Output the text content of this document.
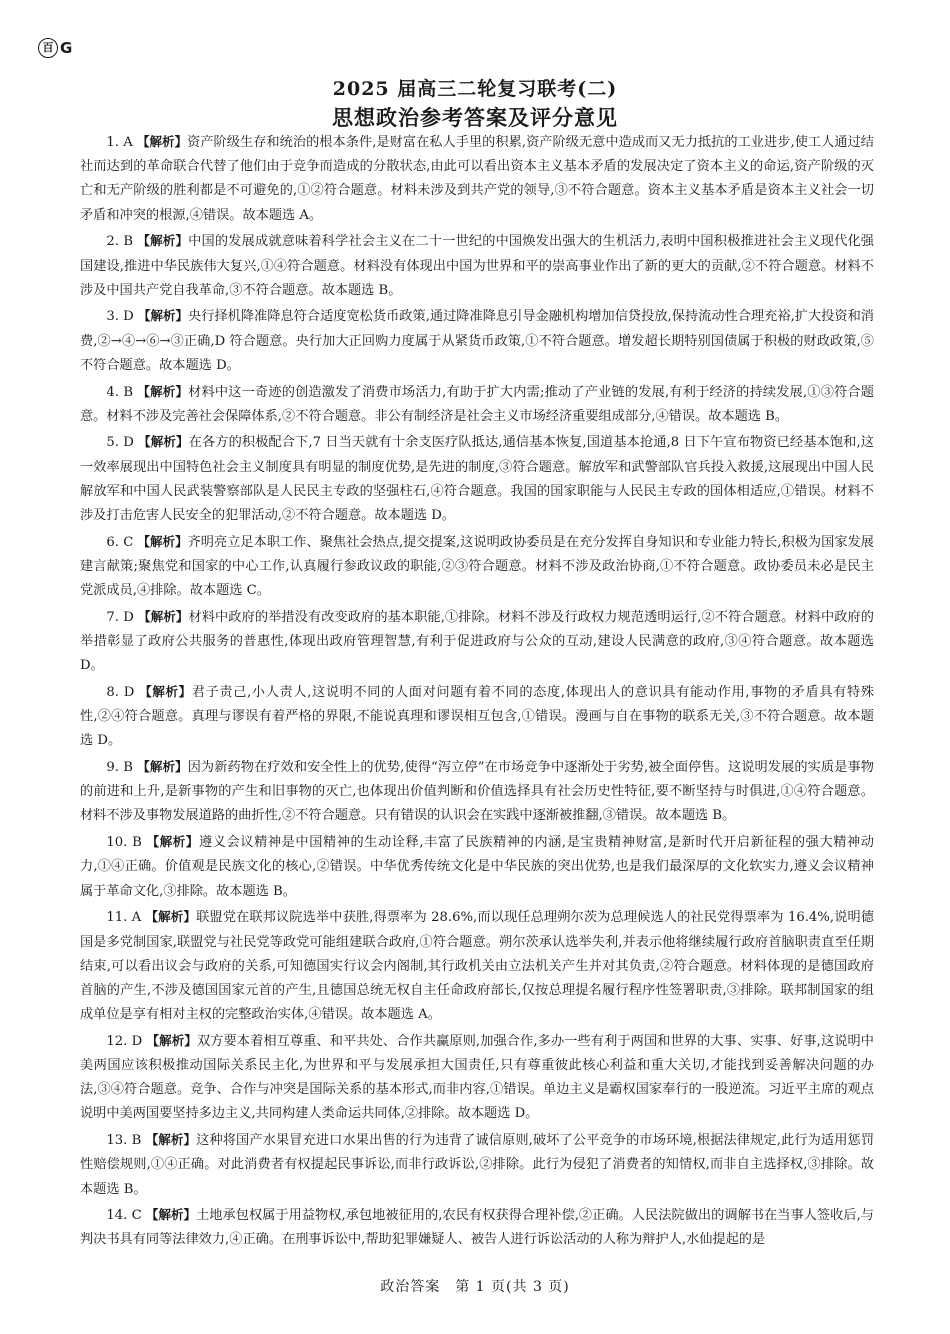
百 G
2025 届高三二轮复习联考(二)
思想政治参考答案及评分意见

1. A 【解析】资产阶级生存和统治的根本条件,是财富在私人手里的积累,资产阶级无意中造成而又无力抵抗的工业进步,使工人通过结社而达到的革命联合代替了他们由于竞争而造成的分散状态,由此可以看出资本主义基本矛盾的发展决定了资本主义的命运,资产阶级的灭亡和无产阶级的胜利都是不可避免的,①②符合题意。材料未涉及到共产党的领导,③不符合题意。资本主义基本矛盾是资本主义社会一切矛盾和冲突的根源,④错误。故本题选 A。

2. B 【解析】中国的发展成就意味着科学社会主义在二十一世纪的中国焕发出强大的生机活力,表明中国积极推进社会主义现代化强国建设,推进中华民族伟大复兴,①④符合题意。材料没有体现出中国为世界和平的崇高事业作出了新的更大的贡献,②不符合题意。材料不涉及中国共产党自我革命,③不符合题意。故本题选 B。

3. D 【解析】央行择机降准降息符合适度宽松货币政策,通过降准降息引导金融机构增加信贷投放,保持流动性合理充裕,扩大投资和消费,②→④→⑥→③正确,D 符合题意。央行加大正回购力度属于从紧货币政策,①不符合题意。增发超长期特别国债属于积极的财政政策,⑤不符合题意。故本题选 D。

4. B 【解析】材料中这一奇迹的创造激发了消费市场活力,有助于扩大内需;推动了产业链的发展,有利于经济的持续发展,①③符合题意。材料不涉及完善社会保障体系,②不符合题意。非公有制经济是社会主义市场经济重要组成部分,④错误。故本题选 B。

5. D 【解析】在各方的积极配合下,7 日当天就有十余支医疗队抵达,通信基本恢复,国道基本抢通,8 日下午宣布物资已经基本饱和,这一效率展现出中国特色社会主义制度具有明显的制度优势,是先进的制度,③符合题意。解放军和武警部队官兵投入救援,这展现出中国人民解放军和中国人民武装警察部队是人民民主专政的坚强柱石,④符合题意。我国的国家职能与人民民主专政的国体相适应,①错误。材料不涉及打击危害人民安全的犯罪活动,②不符合题意。故本题选 D。

6. C 【解析】齐明亮立足本职工作、聚焦社会热点,提交提案,这说明政协委员是在充分发挥自身知识和专业能力特长,积极为国家发展建言献策;聚焦党和国家的中心工作,认真履行参政议政的职能,②③符合题意。材料不涉及政治协商,①不符合题意。政协委员未必是民主党派成员,④排除。故本题选 C。

7. D 【解析】材料中政府的举措没有改变政府的基本职能,①排除。材料不涉及行政权力规范透明运行,②不符合题意。材料中政府的举措彰显了政府公共服务的普惠性,体现出政府管理智慧,有利于促进政府与公众的互动,建设人民满意的政府,③④符合题意。故本题选 D。

8. D 【解析】君子责己,小人责人,这说明不同的人面对问题有着不同的态度,体现出人的意识具有能动作用,事物的矛盾具有特殊性,②④符合题意。真理与谬误有着严格的界限,不能说真理和谬误相互包含,①错误。漫画与自在事物的联系无关,③不符合题意。故本题选 D。

9. B 【解析】因为新药物在疗效和安全性上的优势,使得“泻立停”在市场竞争中逐渐处于劣势,被全面停售。这说明发展的实质是事物的前进和上升,是新事物的产生和旧事物的灭亡,也体现出价值判断和价值选择具有社会历史性特征,要不断坚持与时俱进,①④符合题意。材料不涉及事物发展道路的曲折性,②不符合题意。只有错误的认识会在实践中逐渐被推翻,③错误。故本题选 B。

10. B 【解析】遵义会议精神是中国精神的生动诠释,丰富了民族精神的内涵,是宝贵精神财富,是新时代开启新征程的强大精神动力,①④正确。价值观是民族文化的核心,②错误。中华优秀传统文化是中华民族的突出优势,也是我们最深厚的文化软实力,遵义会议精神属于革命文化,③排除。故本题选 B。

11. A 【解析】联盟党在联邦议院选举中获胜,得票率为 28.6%,而以现任总理朔尔茨为总理候选人的社民党得票率为 16.4%,说明德国是多党制国家,联盟党与社民党等政党可能组建联合政府,①符合题意。朔尔茨承认选举失利,并表示他将继续履行政府首脑职责直至任期结束,可以看出议会与政府的关系,可知德国实行议会内阁制,其行政机关由立法机关产生并对其负责,②符合题意。材料体现的是德国政府首脑的产生,不涉及德国国家元首的产生,且德国总统无权自主任命政府部长,仅按总理提名履行程序性签署职责,③排除。联邦制国家的组成单位是享有相对主权的完整政治实体,④错误。故本题选 A。

12. D 【解析】双方要本着相互尊重、和平共处、合作共赢原则,加强合作,多办一些有利于两国和世界的大事、实事、好事,这说明中美两国应该积极推动国际关系民主化,为世界和平与发展承担大国责任,只有尊重彼此核心利益和重大关切,才能找到妥善解决问题的办法,③④符合题意。竞争、合作与冲突是国际关系的基本形式,而非内容,①错误。单边主义是霸权国家奉行的一股逆流。习近平主席的观点说明中美两国要坚持多边主义,共同构建人类命运共同体,②排除。故本题选 D。

13. B 【解析】这种将国产水果冒充进口水果出售的行为违背了诚信原则,破坏了公平竞争的市场环境,根据法律规定,此行为适用惩罚性赔偿规则,①④正确。对此消费者有权提起民事诉讼,而非行政诉讼,②排除。此行为侵犯了消费者的知情权,而非自主选择权,③排除。故本题选 B。

14. C 【解析】土地承包权属于用益物权,承包地被征用的,农民有权获得合理补偿,②正确。人民法院做出的调解书在当事人签收后,与判决书具有同等法律效力,④正确。在刑事诉讼中,帮助犯罪嫌疑人、被告人进行诉讼活动的人称为辩护人,水仙提起的是

政治答案　第 1 页(共 3 页)
